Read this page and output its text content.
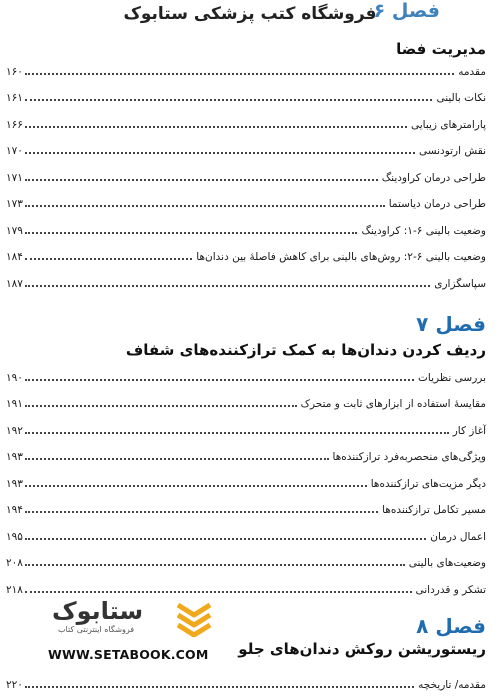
فصل ۶
فروشگاه کتب پزشکی ستابوک
مدیریت فضا
مقدمه
۱۶۰
نکات بالینی
۱۶۱
پارامترهای زیبایی
۱۶۶
نقش ارتودنسی
۱۷۰
طراحی درمان کراودینگ
۱۷۱
طراحی درمان دیاستما
۱۷۳
وضعیت بالینی ۶-۱: کراودینگ
۱۷۹
وضعیت بالینی ۶-۲: روش‌های بالینی برای کاهش فاصلهٔ بین دندان‌ها
۱۸۴
سپاسگزاری
۱۸۷
فصل ۷
ردیف کردن دندان‌ها به کمک ترازکننده‌های شفاف
بررسی نظریات
۱۹۰
مقایسهٔ استفاده از ابزارهای ثابت و متحرک
۱۹۱
آغاز کار
۱۹۲
ویژگی‌های منحصربه‌فرد ترازکننده‌ها
۱۹۳
دیگر مزیت‌های ترازکننده‌ها
۱۹۳
مسیر تکامل ترازکننده‌ها
۱۹۴
اعمال درمان
۱۹۵
وضعیت‌های بالینی
۲۰۸
تشکر و قدردانی
۲۱۸
فصل ۸
ریستوریشن روکش دندان‌های جلو
مقدمه/ تاریخچه
۲۲۰
ستابوک
فروشگاه اینترنتی کتاب
WWW.SETABOOK.COM
